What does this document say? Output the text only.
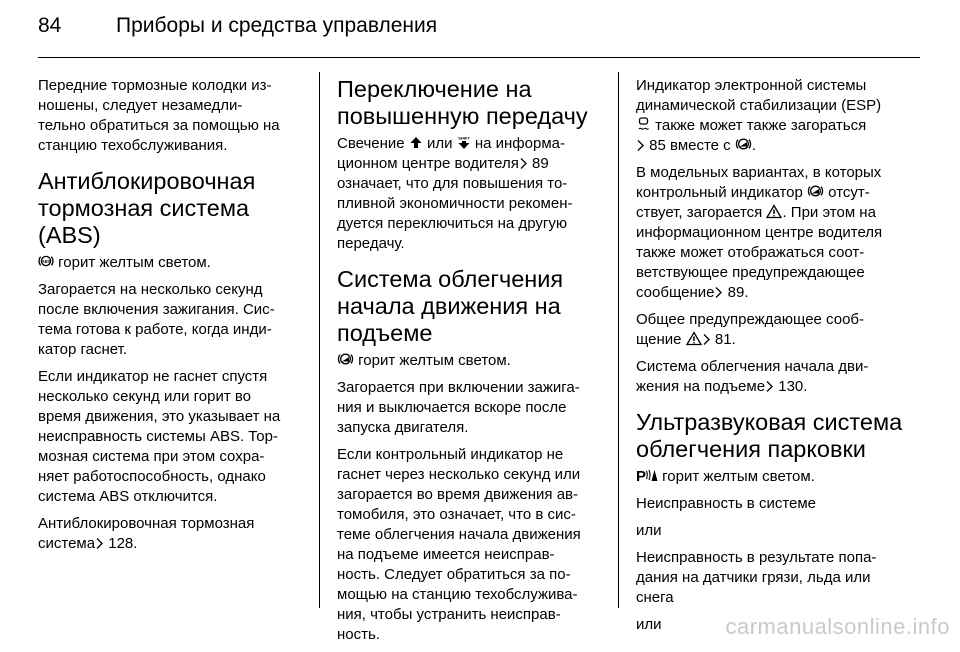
84	Приборы и средства управления

Передние тормозные колодки из-
ношены, следует незамедли-
тельно обратиться за помощью на
станцию техобслуживания.

Антиблокировочная
тормозная система (ABS)

ABS горит желтым светом.

Загорается на несколько секунд
после включения зажигания. Сис-
тема готова к работе, когда инди-
катор гаснет.

Если индикатор не гаснет спустя
несколько секунд или горит во
время движения, это указывает на
неисправность системы ABS. Тор-
мозная система при этом сохра-
няет работоспособность, однако
система ABS отключится.

Антиблокировочная тормозная
система 128.

Переключение на
повышенную передачу

Свечение  или SHIFT на информа-
ционном центре водителя 89
означает, что для повышения то-
пливной экономичности рекомен-
дуется переключиться на другую
передачу.

Система облегчения
начала движения на
подъеме

горит желтым светом.

Загорается при включении зажига-
ния и выключается вскоре после
запуска двигателя.

Если контрольный индикатор не
гаснет через несколько секунд или
загорается во время движения ав-
томобиля, это означает, что в сис-
теме облегчения начала движения
на подъеме имеется неисправ-
ность. Следует обратиться за по-
мощью на станцию техобслужива-
ния, чтобы устранить неисправ-
ность.

Индикатор электронной системы
динамической стабилизации (ESP)
также может также загораться
85 вместе с .

В модельных вариантах, в которых
контрольный индикатор  отсут-
ствует, загорается . При этом на
информационном центре водителя
также может отображаться соот-
ветствующее предупреждающее
сообщение 89.

Общее предупреждающее сооб-
щение  81.

Система облегчения начала дви-
жения на подъеме 130.

Ультразвуковая система
облегчения парковки

P горит желтым светом.

Неисправность в системе

или

Неисправность в результате попа-
дания на датчики грязи, льда или
снега

или	carmanualsonline.info
